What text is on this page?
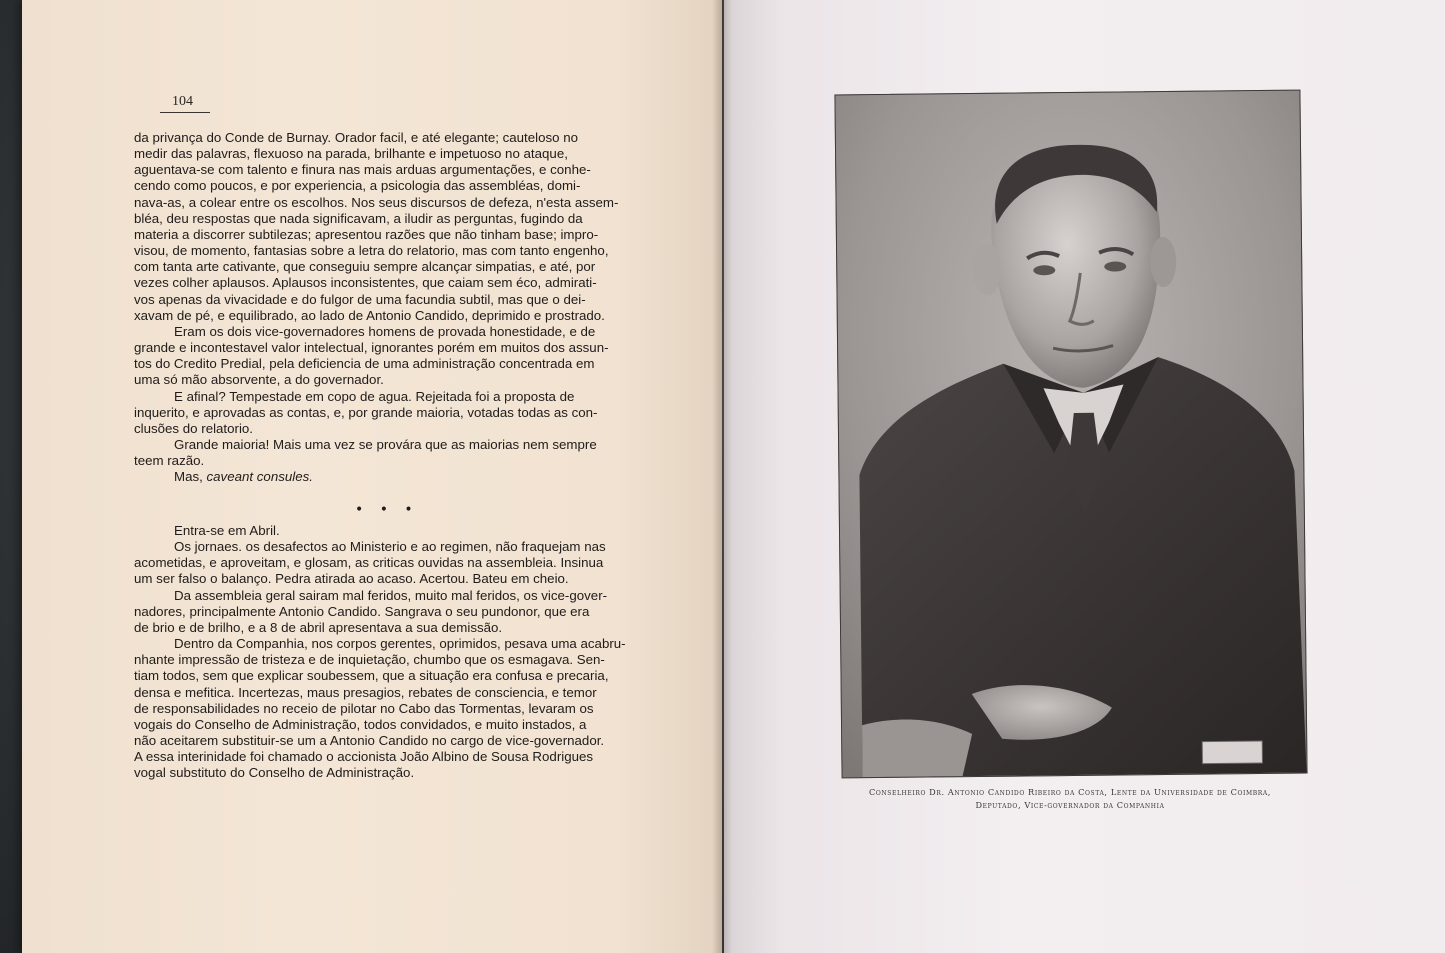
104
da privança do Conde de Burnay. Orador facil, e até elegante; cauteloso no
medir das palavras, flexuoso na parada, brilhante e impetuoso no ataque,
aguentava-se com talento e finura nas mais arduas argumentações, e conhe-
cendo como poucos, e por experiencia, a psicologia das assembléas, domi-
nava-as, a colear entre os escolhos. Nos seus discursos de defeza, n'esta assem-
bléa, deu respostas que nada significavam, a iludir as perguntas, fugindo da
materia a discorrer subtilezas; apresentou razões que não tinham base; impro-
visou, de momento, fantasias sobre a letra do relatorio, mas com tanto engenho,
com tanta arte cativante, que conseguiu sempre alcançar simpatias, e até, por
vezes colher aplausos. Aplausos inconsistentes, que caiam sem éco, admirati-
vos apenas da vivacidade e do fulgor de uma facundia subtil, mas que o dei-
xavam de pé, e equilibrado, ao lado de Antonio Candido, deprimido e prostrado.
Eram os dois vice-governadores homens de provada honestidade, e de
grande e incontestavel valor intelectual, ignorantes porém em muitos dos assun-
tos do Credito Predial, pela deficiencia de uma administração concentrada em
uma só mão absorvente, a do governador.
E afinal? Tempestade em copo de agua. Rejeitada foi a proposta de
inquerito, e aprovadas as contas, e, por grande maioria, votadas todas as con-
clusões do relatorio.
Grande maioria! Mais uma vez se provára que as maiorias nem sempre
teem razão.
Mas, caveant consules.
• • •
Entra-se em Abril.
Os jornaes. os desafectos ao Ministerio e ao regimen, não fraquejam nas
acometidas, e aproveitam, e glosam, as criticas ouvidas na assembleia. Insinua
um ser falso o balanço. Pedra atirada ao acaso. Acertou. Bateu em cheio.
Da assembleia geral sairam mal feridos, muito mal feridos, os vice-gover-
nadores, principalmente Antonio Candido. Sangrava o seu pundonor, que era
de brio e de brilho, e a 8 de abril apresentava a sua demissão.
Dentro da Companhia, nos corpos gerentes, oprimidos, pesava uma acabru-
nhante impressão de tristeza e de inquietação, chumbo que os esmagava. Sen-
tiam todos, sem que explicar soubessem, que a situação era confusa e precaria,
densa e mefitica. Incertezas, maus presagios, rebates de consciencia, e temor
de responsabilidades no receio de pilotar no Cabo das Tormentas, levaram os
vogais do Conselho de Administração, todos convidados, e muito instados, a
não aceitarem substituir-se um a Antonio Candido no cargo de vice-governador.
A essa interinidade foi chamado o accionista João Albino de Sousa Rodrigues
vogal substituto do Conselho de Administração.
Conselheiro Dr. Antonio Candido Ribeiro da Costa, Lente da Universidade de Coimbra,
Deputado, Vice-governador da Companhia
